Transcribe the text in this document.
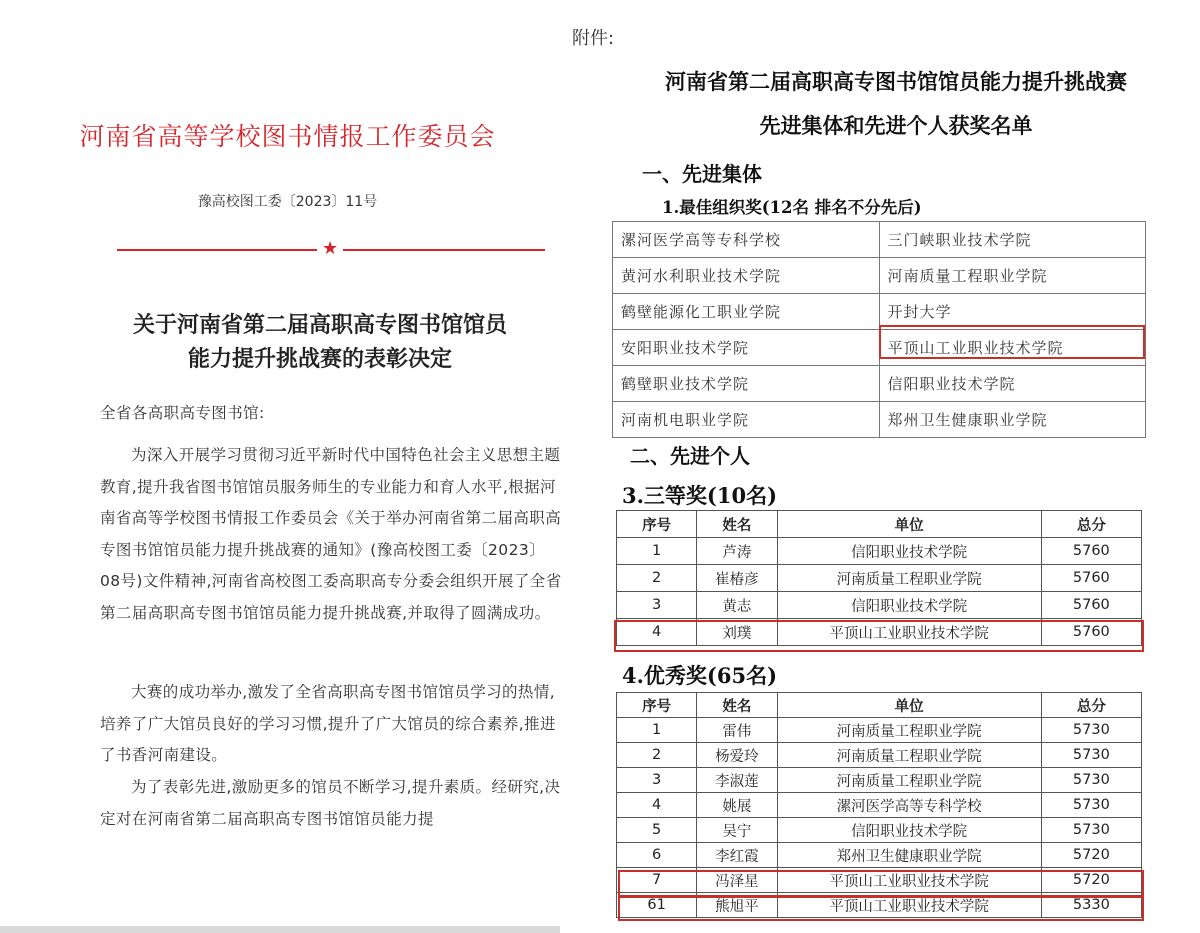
河南省高等学校图书情报工作委员会
豫高校图工委〔2023〕11号
★
关于河南省第二届高职高专图书馆馆员
能力提升挑战赛的表彰决定
全省各高职高专图书馆:
为深入开展学习贯彻习近平新时代中国特色社会主义思想主题教育,提升我省图书馆馆员服务师生的专业能力和育人水平,根据河南省高等学校图书情报工作委员会《关于举办河南省第二届高职高专图书馆馆员能力提升挑战赛的通知》(豫高校图工委〔2023〕08号)文件精神,河南省高校图工委高职高专分委会组织开展了全省第二届高职高专图书馆馆员能力提升挑战赛,并取得了圆满成功。
大赛的成功举办,激发了全省高职高专图书馆馆员学习的热情,培养了广大馆员良好的学习习惯,提升了广大馆员的综合素养,推进了书香河南建设。
为了表彰先进,激励更多的馆员不断学习,提升素质。经研究,决定对在河南省第二届高职高专图书馆馆员能力提
附件:
河南省第二届高职高专图书馆馆员能力提升挑战赛
先进集体和先进个人获奖名单
一、先进集体
1.最佳组织奖(12名 排名不分先后)
漯河医学高等专科学校	三门峡职业技术学院
黄河水利职业技术学院	河南质量工程职业学院
鹤壁能源化工职业学院	开封大学
安阳职业技术学院	平顶山工业职业技术学院
鹤壁职业技术学院	信阳职业技术学院
河南机电职业学院	郑州卫生健康职业学院
二、先进个人
3.三等奖(10名)
序号	姓名	单位	总分
1	芦涛	信阳职业技术学院	5760
2	崔椿彦	河南质量工程职业学院	5760
3	黄志	信阳职业技术学院	5760
4	刘璞	平顶山工业职业技术学院	5760
4.优秀奖(65名)
序号	姓名	单位	总分
1	雷伟	河南质量工程职业学院	5730
2	杨爱玲	河南质量工程职业学院	5730
3	李淑莲	河南质量工程职业学院	5730
4	姚展	漯河医学高等专科学校	5730
5	吴宁	信阳职业技术学院	5730
6	李红霞	郑州卫生健康职业学院	5720
7	冯泽星	平顶山工业职业技术学院	5720
61	熊旭平	平顶山工业职业技术学院	5330
